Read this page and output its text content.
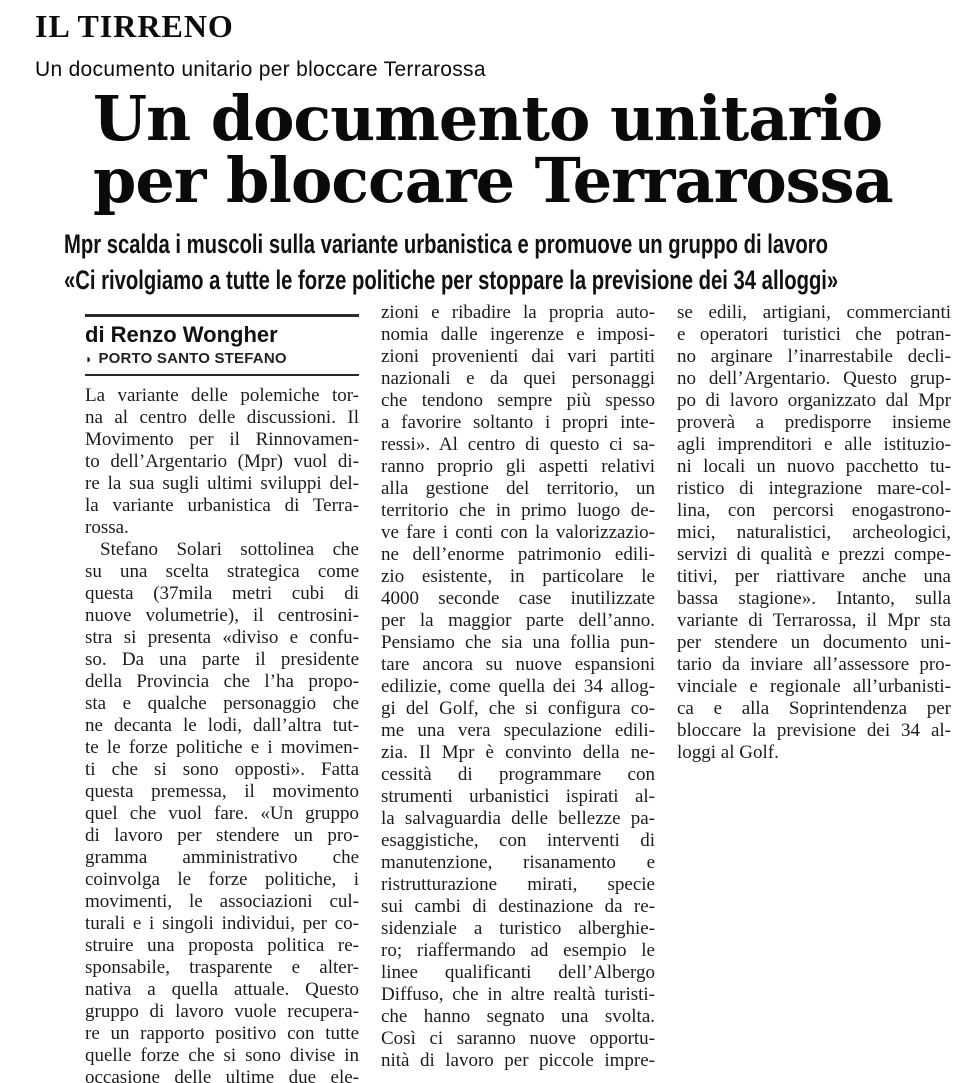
IL TIRRENO
Un documento unitario per bloccare Terrarossa
Un documento unitario
per bloccare Terrarossa
Mpr scalda i muscoli sulla variante urbanistica e promuove un gruppo di lavoro
«Ci rivolgiamo a tutte le forze politiche per stoppare la previsione dei 34 alloggi»
di Renzo Wongher
◗ PORTO SANTO STEFANO
La variante delle polemiche tor-
na al centro delle discussioni. Il
Movimento per il Rinnovamen-
to dell’Argentario (Mpr) vuol di-
re la sua sugli ultimi sviluppi del-
la variante urbanistica di Terra-
rossa.
Stefano Solari sottolinea che
su una scelta strategica come
questa (37mila metri cubi di
nuove volumetrie), il centrosini-
stra si presenta «diviso e confu-
so. Da una parte il presidente
della Provincia che l’ha propo-
sta e qualche personaggio che
ne decanta le lodi, dall’altra tut-
te le forze politiche e i movimen-
ti che si sono opposti». Fatta
questa premessa, il movimento
quel che vuol fare. «Un gruppo
di lavoro per stendere un pro-
gramma amministrativo che
coinvolga le forze politiche, i
movimenti, le associazioni cul-
turali e i singoli individui, per co-
struire una proposta politica re-
sponsabile, trasparente e alter-
nativa a quella attuale. Questo
gruppo di lavoro vuole recupera-
re un rapporto positivo con tutte
quelle forze che si sono divise in
occasione delle ultime due ele-
zioni e ribadire la propria auto-
nomia dalle ingerenze e imposi-
zioni provenienti dai vari partiti
nazionali e da quei personaggi
che tendono sempre più spesso
a favorire soltanto i propri inte-
ressi». Al centro di questo ci sa-
ranno proprio gli aspetti relativi
alla gestione del territorio, un
territorio che in primo luogo de-
ve fare i conti con la valorizzazio-
ne dell’enorme patrimonio edili-
zio esistente, in particolare le
4000 seconde case inutilizzate
per la maggior parte dell’anno.
Pensiamo che sia una follia pun-
tare ancora su nuove espansioni
edilizie, come quella dei 34 allog-
gi del Golf, che si configura co-
me una vera speculazione edili-
zia. Il Mpr è convinto della ne-
cessità di programmare con
strumenti urbanistici ispirati al-
la salvaguardia delle bellezze pa-
esaggistiche, con interventi di
manutenzione, risanamento e
ristrutturazione mirati, specie
sui cambi di destinazione da re-
sidenziale a turistico alberghie-
ro; riaffermando ad esempio le
linee qualificanti dell’Albergo
Diffuso, che in altre realtà turisti-
che hanno segnato una svolta.
Così ci saranno nuove opportu-
nità di lavoro per piccole impre-
se edili, artigiani, commercianti
e operatori turistici che potran-
no arginare l’inarrestabile decli-
no dell’Argentario. Questo grup-
po di lavoro organizzato dal Mpr
proverà a predisporre insieme
agli imprenditori e alle istituzio-
ni locali un nuovo pacchetto tu-
ristico di integrazione mare-col-
lina, con percorsi enogastrono-
mici, naturalistici, archeologici,
servizi di qualità e prezzi compe-
titivi, per riattivare anche una
bassa stagione». Intanto, sulla
variante di Terrarossa, il Mpr sta
per stendere un documento uni-
tario da inviare all’assessore pro-
vinciale e regionale all’urbanisti-
ca e alla Soprintendenza per
bloccare la previsione dei 34 al-
loggi al Golf.
